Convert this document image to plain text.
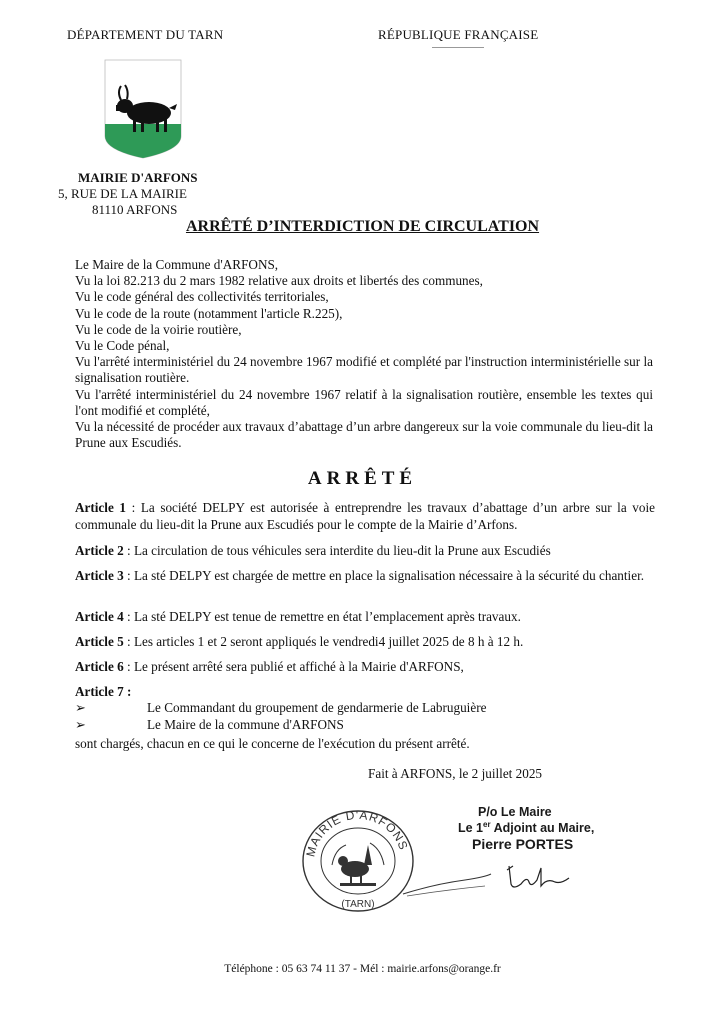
DÉPARTEMENT DU TARN	RÉPUBLIQUE FRANÇAISE
MAIRIE D'ARFONS
5, RUE DE LA MAIRIE
81110 ARFONS
ARRÊTÉ D’INTERDICTION DE CIRCULATION

Le Maire de la Commune d'ARFONS,

Vu la loi 82.213 du 2 mars 1982 relative aux droits et libertés des communes,

Vu le code général des collectivités territoriales,

Vu le code de la route (notamment l'article R.225),

Vu le code de la voirie routière,

Vu le Code pénal,

Vu l'arrêté interministériel du 24 novembre 1967 modifié et complété par l'instruction interministérielle sur la signalisation routière.

Vu l'arrêté interministériel du 24 novembre 1967 relatif à la signalisation routière, ensemble les textes qui l'ont modifié et complété,

Vu la nécessité de procéder aux travaux d’abattage d’un arbre dangereux sur la voie communale du lieu-dit la Prune aux Escudiés.

ARRÊTÉ
Article 1 : La société DELPY est autorisée à entreprendre les travaux d’abattage d’un arbre sur la voie communale du lieu-dit la Prune aux Escudiés pour le compte de la Mairie d’Arfons.
Article 2 : La circulation de tous véhicules sera interdite du lieu-dit la Prune aux Escudiés
Article 3 : La sté DELPY est chargée de mettre en place la signalisation nécessaire à la sécurité du chantier.
Article 4 : La sté DELPY est tenue de remettre en état l’emplacement après travaux.
Article 5 : Les articles 1 et 2 seront appliqués le vendredi4 juillet 2025 de 8 h à 12 h.
Article 6 : Le présent arrêté sera publié et affiché à la Mairie d'ARFONS,
Article 7 :
➢	Le Commandant du groupement de gendarmerie de Labruguière
➢	Le Maire de la commune d'ARFONS
sont chargés, chacun en ce qui le concerne de l'exécution du présent arrêté.
Fait à ARFONS, le 2 juillet 2025
MAIRIE D'ARFONS
(TARN)
P/o Le Maire
Le 1er Adjoint au Maire,
Pierre PORTES
Téléphone : 05 63 74 11 37 - Mél : mairie.arfons@orange.fr
